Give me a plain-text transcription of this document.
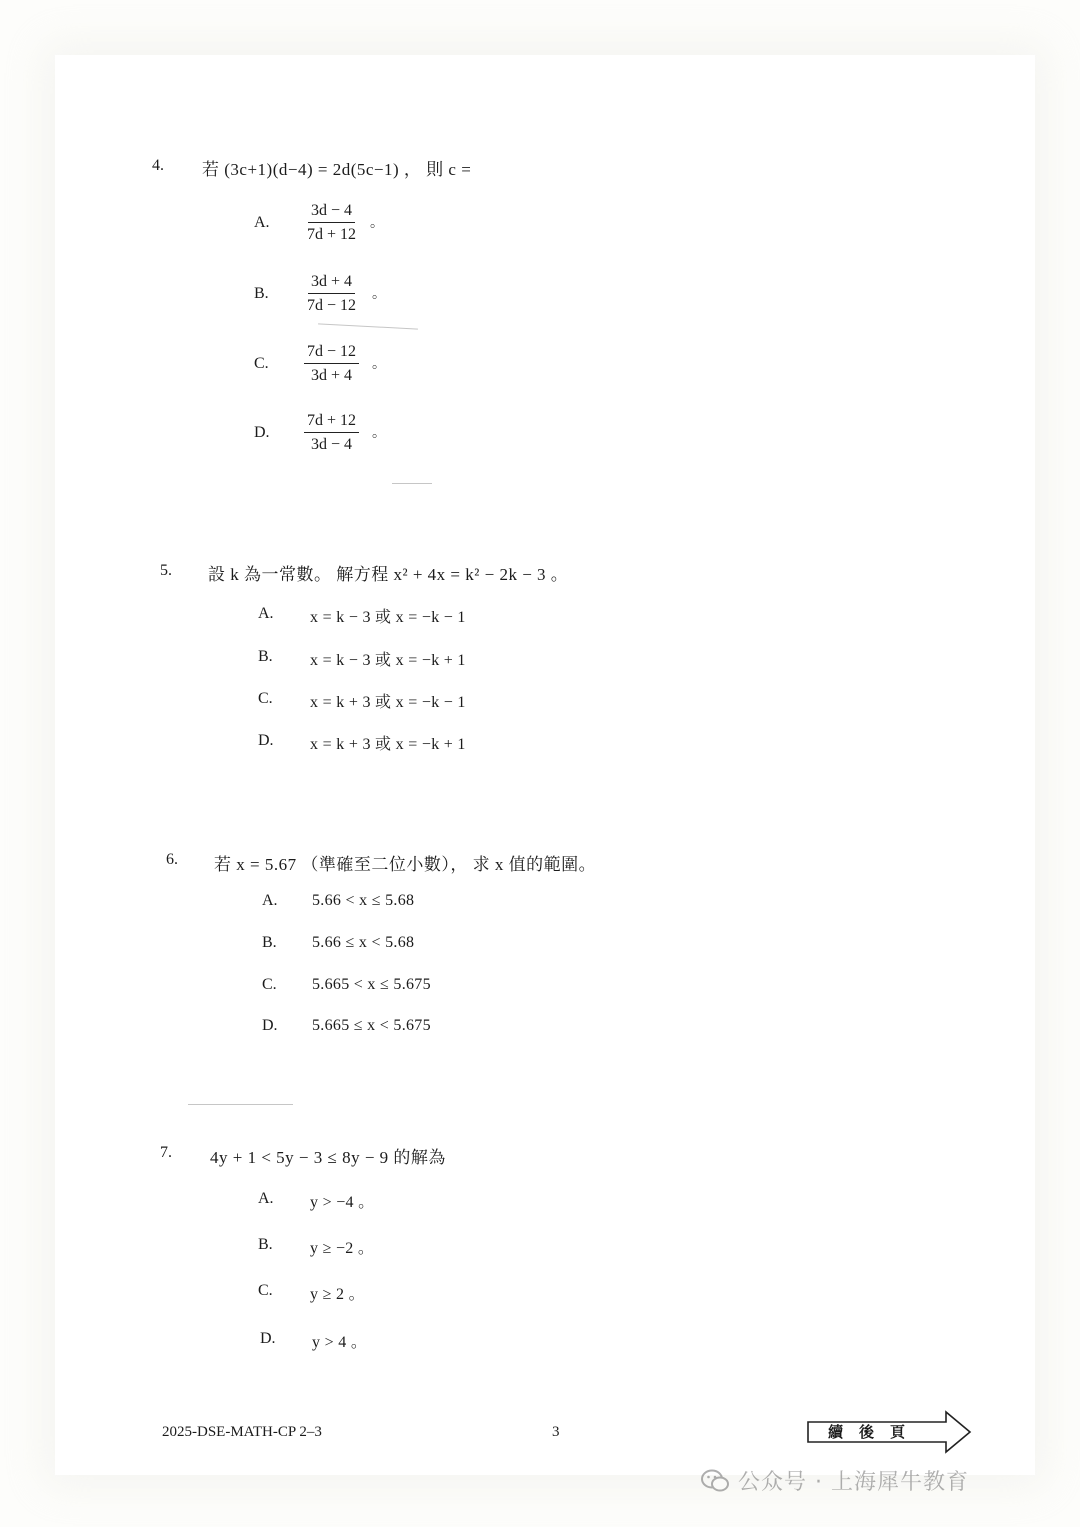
4. 若 (3c+1)(d−4) = 2d(5c−1) ， 則 c =
A. $\frac{3d - 4}{7d + 12}$ 。
B. $\frac{3d + 4}{7d - 12}$ 。
C. $\frac{7d - 12}{3d + 4}$ 。
D. $\frac{7d + 12}{3d - 4}$ 。
5. 設 k 為一常數。 解方程 x² + 4x = k² − 2k − 3 。
A. x = k − 3 或 x = −k − 1
B. x = k − 3 或 x = −k + 1
C. x = k + 3 或 x = −k − 1
D. x = k + 3 或 x = −k + 1
6. 若 x = 5.67 （準確至二位小數）， 求 x 值的範圍。
A. 5.66 < x ≤ 5.68
B. 5.66 ≤ x < 5.68
C. 5.665 < x ≤ 5.675
D. 5.665 ≤ x < 5.675
7. 4y + 1 < 5y − 3 ≤ 8y − 9 的解為
A. y > −4 。
B. y ≥ −2 。
C. y ≥ 2 。
D. y > 4 。
2025-DSE-MATH-CP 2–3	3	續後頁
公众号 · 上海犀牛教育
